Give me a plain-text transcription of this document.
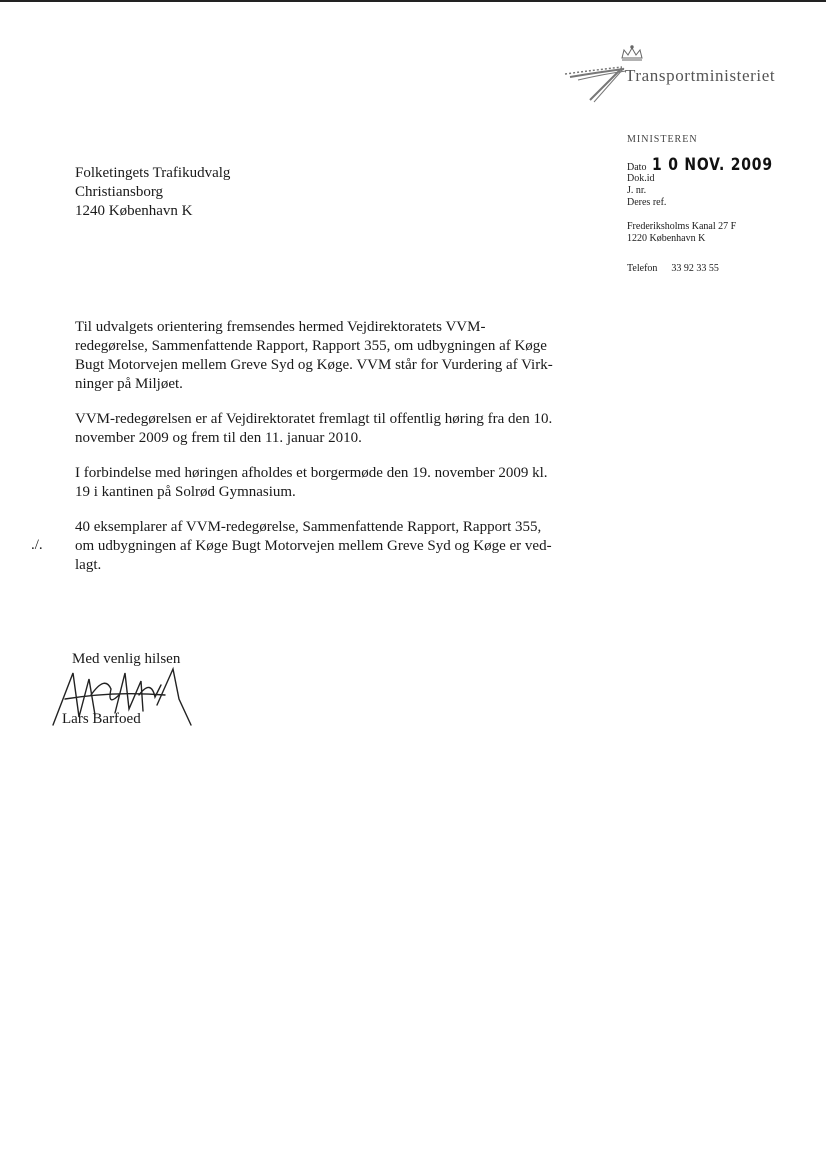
Transportministeriet
MINISTEREN
Dato 1 0 NOV. 2009
Dok.id
J. nr.
Deres ref.
Frederiksholms Kanal 27 F
1220 København K
Telefon 33 92 33 55
Folketingets Trafikudvalg
Christiansborg
1240 København K

Til udvalgets orientering fremsendes hermed Vejdirektoratets VVM-
redegørelse, Sammenfattende Rapport, Rapport 355, om udbygningen af Køge
Bugt Motorvejen mellem Greve Syd og Køge. VVM står for Vurdering af Virk-
ninger på Miljøet.

VVM-redegørelsen er af Vejdirektoratet fremlagt til offentlig høring fra den 10.
november 2009 og frem til den 11. januar 2010.

I forbindelse med høringen afholdes et borgermøde den 19. november 2009 kl.
19 i kantinen på Solrød Gymnasium.

40 eksemplarer af VVM-redegørelse, Sammenfattende Rapport, Rapport 355,
om udbygningen af Køge Bugt Motorvejen mellem Greve Syd og Køge er ved-
lagt.

./.
Med venlig hilsen
Lars Barfoed
